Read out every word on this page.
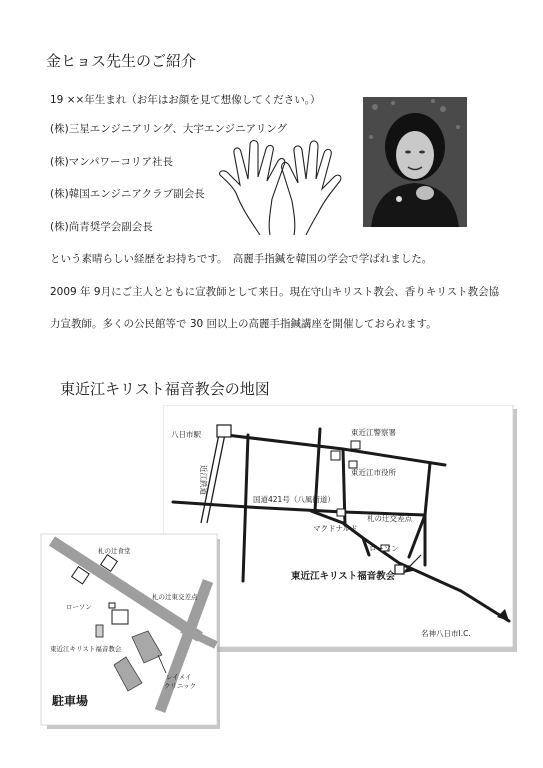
金ヒョス先生のご紹介
19 ××年生まれ（お年はお顔を見て想像してください。）
(株)三星エンジニアリング、大宇エンジニアリング
(株)マンパワーコリア社長
(株)韓国エンジニアクラブ副会長
(株)尚青奨学会副会長
という素晴らしい経歴をお持ちです。　高麗手指鍼を韓国の学会で学ばれました。
2009 年 9月にご主人とともに宣教師として来日。現在守山キリスト教会、香りキリスト教会協
力宣教師。多くの公民館等で 30 回以上の高麗手指鍼講座を開催しておられます。
東近江キリスト福音教会の地図
八日市駅
近江鉄道
東近江警察署
東近江市役所
国道421号（八風街道）
マクドナルド
札の辻交差点
ローソン
名神八日市I.C.
東近江キリスト福音教会
札の辻食堂
ローソン
札の辻東交差点
東近江キリスト福音教会
駐車場
レイメイ クリニック
